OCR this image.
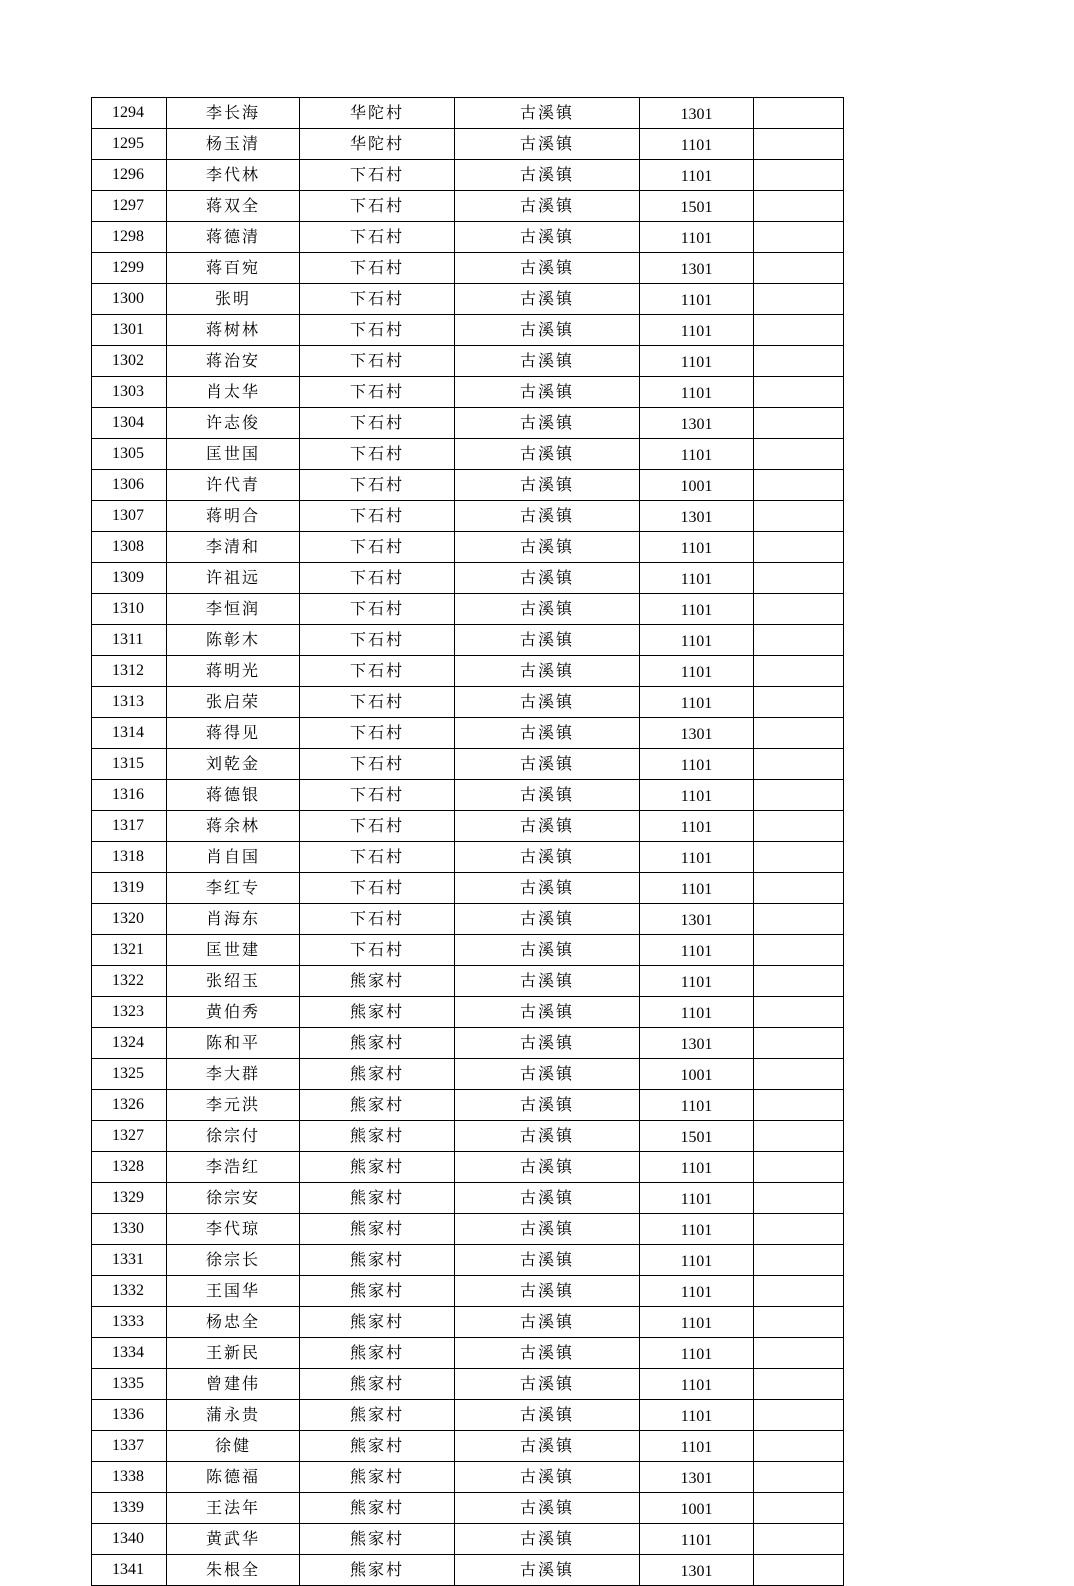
1294	李长海	华陀村	古溪镇	1301	
1295	杨玉清	华陀村	古溪镇	1101	
1296	李代林	下石村	古溪镇	1101	
1297	蒋双全	下石村	古溪镇	1501	
1298	蒋德清	下石村	古溪镇	1101	
1299	蒋百宛	下石村	古溪镇	1301	
1300	张明	下石村	古溪镇	1101	
1301	蒋树林	下石村	古溪镇	1101	
1302	蒋治安	下石村	古溪镇	1101	
1303	肖太华	下石村	古溪镇	1101	
1304	许志俊	下石村	古溪镇	1301	
1305	匡世国	下石村	古溪镇	1101	
1306	许代青	下石村	古溪镇	1001	
1307	蒋明合	下石村	古溪镇	1301	
1308	李清和	下石村	古溪镇	1101	
1309	许祖远	下石村	古溪镇	1101	
1310	李恒润	下石村	古溪镇	1101	
1311	陈彰木	下石村	古溪镇	1101	
1312	蒋明光	下石村	古溪镇	1101	
1313	张启荣	下石村	古溪镇	1101	
1314	蒋得见	下石村	古溪镇	1301	
1315	刘乾金	下石村	古溪镇	1101	
1316	蒋德银	下石村	古溪镇	1101	
1317	蒋余林	下石村	古溪镇	1101	
1318	肖自国	下石村	古溪镇	1101	
1319	李红专	下石村	古溪镇	1101	
1320	肖海东	下石村	古溪镇	1301	
1321	匡世建	下石村	古溪镇	1101	
1322	张绍玉	熊家村	古溪镇	1101	
1323	黄伯秀	熊家村	古溪镇	1101	
1324	陈和平	熊家村	古溪镇	1301	
1325	李大群	熊家村	古溪镇	1001	
1326	李元洪	熊家村	古溪镇	1101	
1327	徐宗付	熊家村	古溪镇	1501	
1328	李浩红	熊家村	古溪镇	1101	
1329	徐宗安	熊家村	古溪镇	1101	
1330	李代琼	熊家村	古溪镇	1101	
1331	徐宗长	熊家村	古溪镇	1101	
1332	王国华	熊家村	古溪镇	1101	
1333	杨忠全	熊家村	古溪镇	1101	
1334	王新民	熊家村	古溪镇	1101	
1335	曾建伟	熊家村	古溪镇	1101	
1336	蒲永贵	熊家村	古溪镇	1101	
1337	徐健	熊家村	古溪镇	1101	
1338	陈德福	熊家村	古溪镇	1301	
1339	王法年	熊家村	古溪镇	1001	
1340	黄武华	熊家村	古溪镇	1101	
1341	朱根全	熊家村	古溪镇	1301	
